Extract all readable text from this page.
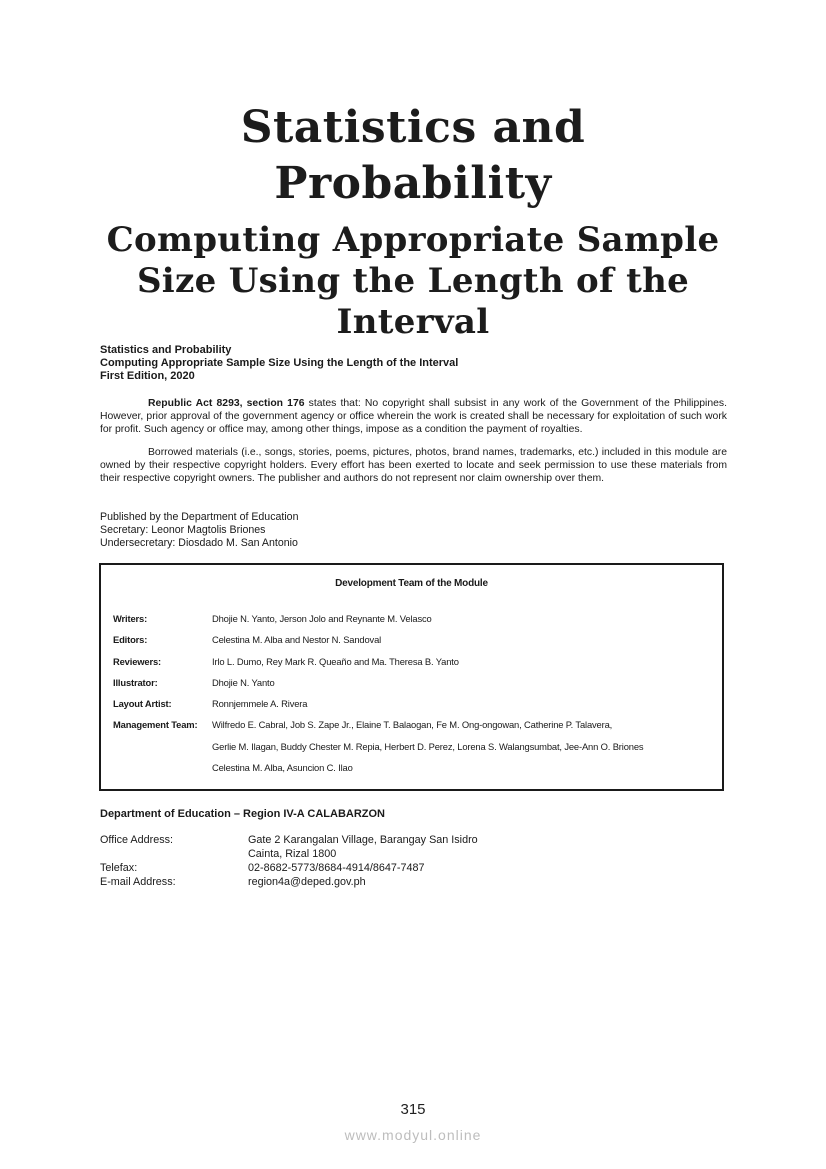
Statistics and
Probability
Computing Appropriate Sample
Size Using the Length of the
Interval
Statistics and Probability
Computing Appropriate Sample Size Using the Length of the Interval
First Edition, 2020

Republic Act 8293, section 176 states that: No copyright shall subsist in any work of the Government of the Philippines. However, prior approval of the government agency or office wherein the work is created shall be necessary for exploitation of such work for profit. Such agency or office may, among other things, impose as a condition the payment of royalties.

Borrowed materials (i.e., songs, stories, poems, pictures, photos, brand names, trademarks, etc.) included in this module are owned by their respective copyright holders. Every effort has been exerted to locate and seek permission to use these materials from their respective copyright owners. The publisher and authors do not represent nor claim ownership over them.

Published by the Department of Education
Secretary: Leonor Magtolis Briones
Undersecretary: Diosdado M. San Antonio
Development Team of the Module
Writers:	Dhojie N. Yanto, Jerson Jolo and Reynante M. Velasco
Editors:	Celestina M. Alba and Nestor N. Sandoval
Reviewers:	Irlo L. Dumo, Rey Mark R. Queaño and Ma. Theresa B. Yanto
Illustrator:	Dhojie N. Yanto
Layout Artist:	Ronnjemmele A. Rivera
Management Team:	Wilfredo E. Cabral, Job S. Zape Jr., Elaine T. Balaogan, Fe M. Ong-ongowan, Catherine P. Talavera,
Gerlie M. Ilagan, Buddy Chester M. Repia, Herbert D. Perez, Lorena S. Walangsumbat, Jee-Ann O. Briones
Celestina M. Alba, Asuncion C. Ilao
Department of Education – Region IV-A CALABARZON
Office Address:	Gate 2 Karangalan Village, Barangay San Isidro
Cainta, Rizal 1800
Telefax:	02-8682-5773/8684-4914/8647-7487
E-mail Address:	region4a@deped.gov.ph
315
www.modyul.online
